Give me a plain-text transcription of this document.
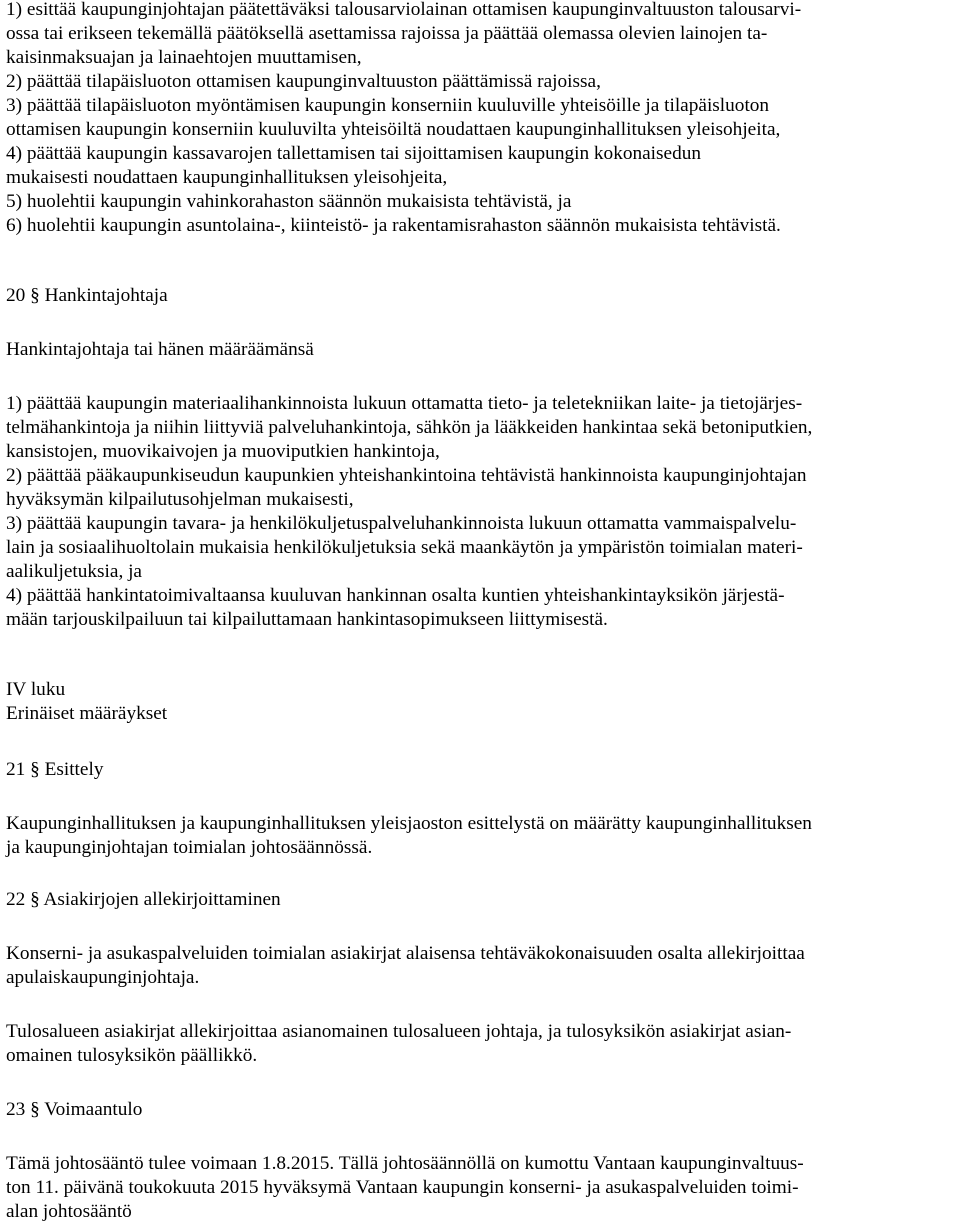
1) esittää kaupunginjohtajan päätettäväksi talousarviolainan ottamisen kaupunginvaltuuston talousarvi-
ossa tai erikseen tekemällä päätöksellä asettamissa rajoissa ja päättää olemassa olevien lainojen ta-
kaisinmaksuajan ja lainaehtojen muuttamisen,
2) päättää tilapäisluoton ottamisen kaupunginvaltuuston päättämissä rajoissa,
3) päättää tilapäisluoton myöntämisen kaupungin konserniin kuuluville yhteisöille ja tilapäisluoton
ottamisen kaupungin konserniin kuuluvilta yhteisöiltä noudattaen kaupunginhallituksen yleisohjeita,
4) päättää kaupungin kassavarojen tallettamisen tai sijoittamisen kaupungin kokonaisedun
mukaisesti noudattaen kaupunginhallituksen yleisohjeita,
5) huolehtii kaupungin vahinkorahaston säännön mukaisista tehtävistä, ja
6) huolehtii kaupungin asuntolaina-, kiinteistö- ja rakentamisrahaston säännön mukaisista tehtävistä.
20 § Hankintajohtaja
Hankintajohtaja tai hänen määräämänsä
1) päättää kaupungin materiaalihankinnoista lukuun ottamatta tieto- ja teletekniikan laite- ja tietojärjes-
telmähankintoja ja niihin liittyviä palveluhankintoja, sähkön ja lääkkeiden hankintaa sekä betoniputkien,
kansistojen, muovikaivojen ja muoviputkien hankintoja,
2) päättää pääkaupunkiseudun kaupunkien yhteishankintoina tehtävistä hankinnoista kaupunginjohtajan
hyväksymän kilpailutusohjelman mukaisesti,
3) päättää kaupungin tavara- ja henkilökuljetuspalveluhankinnoista lukuun ottamatta vammaispalvelu-
lain ja sosiaalihuoltolain mukaisia henkilökuljetuksia sekä maankäytön ja ympäristön toimialan materi-
aalikuljetuksia, ja
4) päättää hankintatoimivaltaansa kuuluvan hankinnan osalta kuntien yhteishankintayksikön järjestä-
mään tarjouskilpailuun tai kilpailuttamaan hankintasopimukseen liittymisestä.
IV luku
Erinäiset määräykset
21 § Esittely
Kaupunginhallituksen ja kaupunginhallituksen yleisjaoston esittelystä on määrätty kaupunginhallituksen
ja kaupunginjohtajan toimialan johtosäännössä.
22 § Asiakirjojen allekirjoittaminen
Konserni- ja asukaspalveluiden toimialan asiakirjat alaisensa tehtäväkokonaisuuden osalta allekirjoittaa
apulaiskaupunginjohtaja.
Tulosalueen asiakirjat allekirjoittaa asianomainen tulosalueen johtaja, ja tulosyksikön asiakirjat asian-
omainen tulosyksikön päällikkö.
23 § Voimaantulo
Tämä johtosääntö tulee voimaan 1.8.2015. Tällä johtosäännöllä on kumottu Vantaan kaupunginvaltuus-
ton 11. päivänä toukokuuta 2015 hyväksymä Vantaan kaupungin konserni- ja asukaspalveluiden toimi-
alan johtosääntö
